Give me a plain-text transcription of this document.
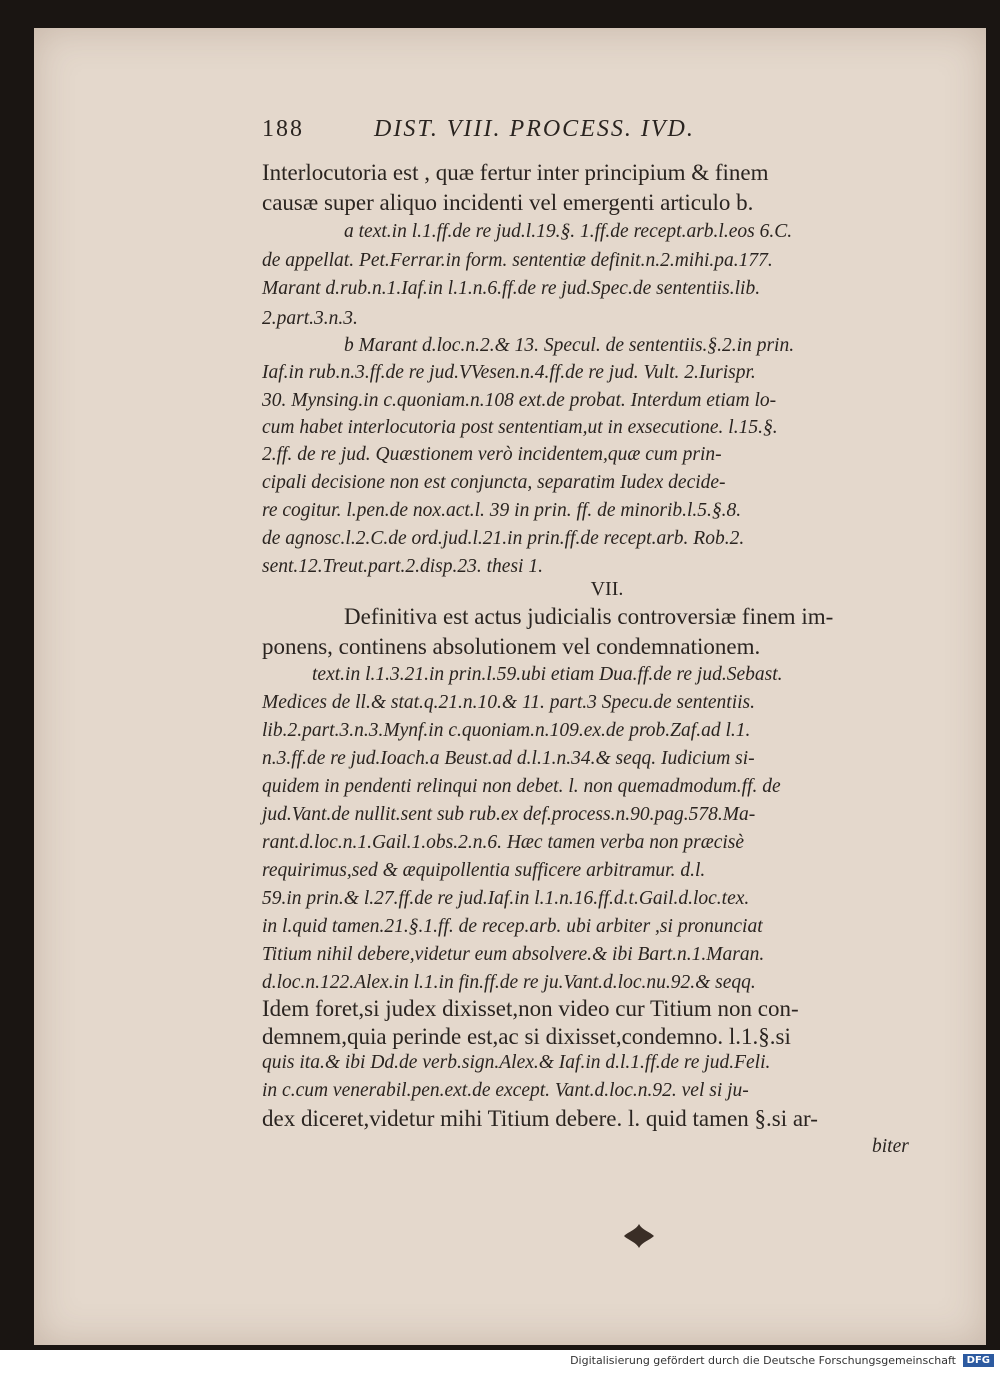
188	DIST. VIII. PROCESS. IVD.
Interlocutoria est , quæ fertur inter principium & finem
causæ super aliquo incidenti vel emergenti articulo b.
a text.in l.1.ff.de re jud.l.19.§. 1.ff.de recept.arb.l.eos 6.C.
de appellat. Pet.Ferrar.in form. sententiæ definit.n.2.mihi.pa.177.
Marant d.rub.n.1.Iaf.in l.1.n.6.ff.de re jud.Spec.de sententiis.lib.
2.part.3.n.3.
b Marant d.loc.n.2.& 13. Specul. de sententiis.§.2.in prin.
Iaf.in rub.n.3.ff.de re jud.VVesen.n.4.ff.de re jud. Vult. 2.Iurispr.
30. Mynsing.in c.quoniam.n.108 ext.de probat. Interdum etiam lo-
cum habet interlocutoria post sententiam,ut in exsecutione. l.15.§.
2.ff. de re jud. Quæstionem verò incidentem,quæ cum prin-
cipali decisione non est conjuncta, separatim Iudex decide-
re cogitur. l.pen.de nox.act.l. 39 in prin. ff. de minorib.l.5.§.8.
de agnosc.l.2.C.de ord.jud.l.21.in prin.ff.de recept.arb. Rob.2.
sent.12.Treut.part.2.disp.23. thesi 1.
VII.
Definitiva est actus judicialis controversiæ finem im-
ponens, continens absolutionem vel condemnationem.
text.in l.1.3.21.in prin.l.59.ubi etiam Dua.ff.de re jud.Sebast.
Medices de ll.& stat.q.21.n.10.& 11. part.3 Specu.de sententiis.
lib.2.part.3.n.3.Mynf.in c.quoniam.n.109.ex.de prob.Zaf.ad l.1.
n.3.ff.de re jud.Ioach.a Beust.ad d.l.1.n.34.& seqq. Iudicium si-
quidem in pendenti relinqui non debet. l. non quemadmodum.ff. de
jud.Vant.de nullit.sent sub rub.ex def.process.n.90.pag.578.Ma-
rant.d.loc.n.1.Gail.1.obs.2.n.6. Hæc tamen verba non præcisè
requirimus,sed & æquipollentia sufficere arbitramur. d.l.
59.in prin.& l.27.ff.de re jud.Iaf.in l.1.n.16.ff.d.t.Gail.d.loc.tex.
in l.quid tamen.21.§.1.ff. de recep.arb. ubi arbiter ,si pronunciat
Titium nihil debere,videtur eum absolvere.& ibi Bart.n.1.Maran.
d.loc.n.122.Alex.in l.1.in fin.ff.de re ju.Vant.d.loc.nu.92.& seqq.
Idem foret,si judex dixisset,non video cur Titium non con-
demnem,quia perinde est,ac si dixisset,condemno. l.1.§.si
quis ita.& ibi Dd.de verb.sign.Alex.& Iaf.in d.l.1.ff.de re jud.Feli.
in c.cum venerabil.pen.ext.de except. Vant.d.loc.n.92. vel si ju-
dex diceret,videtur mihi Titium debere. l. quid tamen §.si ar-
biter
Digitalisierung gefördert durch die Deutsche Forschungsgemeinschaft	DFG
